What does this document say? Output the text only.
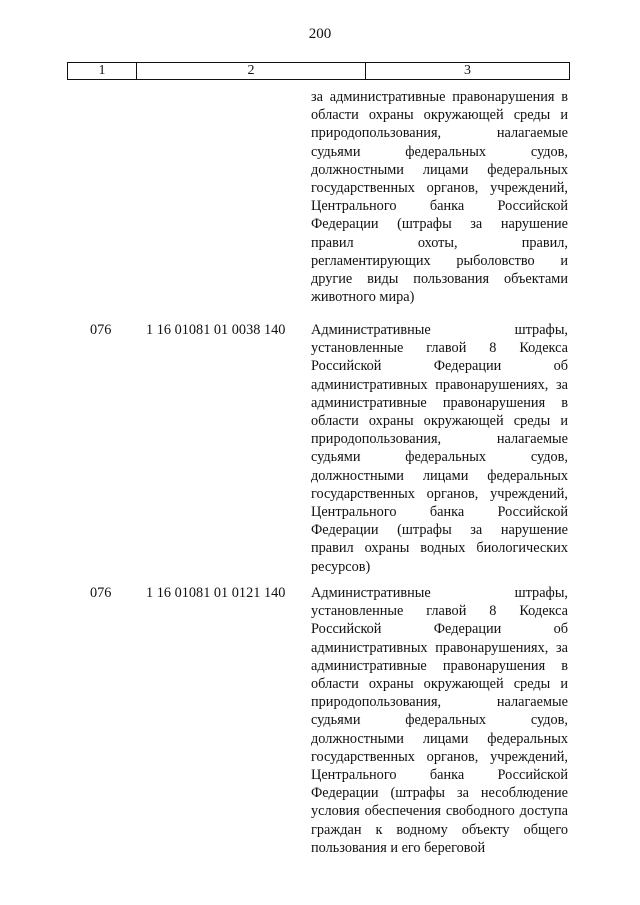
200
1	2	3
за административные правонарушения в области охраны окружающей среды и природопользования, налагаемые судьями федеральных судов, должностными лицами федеральных государственных органов, учреждений, Центрального банка Российской Федерации (штрафы за нарушение правил охоты, правил, регламентирующих рыболовство и другие виды пользования объектами животного мира)
076 1 16 01081 01 0038 140 Административные штрафы, установленные главой 8 Кодекса Российской Федерации об административных правонарушениях, за административные правонарушения в области охраны окружающей среды и природопользования, налагаемые судьями федеральных судов, должностными лицами федеральных государственных органов, учреждений, Центрального банка Российской Федерации (штрафы за нарушение правил охраны водных биологических ресурсов)
076 1 16 01081 01 0121 140 Административные штрафы, установленные главой 8 Кодекса Российской Федерации об административных правонарушениях, за административные правонарушения в области охраны окружающей среды и природопользования, налагаемые судьями федеральных судов, должностными лицами федеральных государственных органов, учреждений, Центрального банка Российской Федерации (штрафы за несоблюдение условия обеспечения свободного доступа граждан к водному объекту общего пользования и его береговой
